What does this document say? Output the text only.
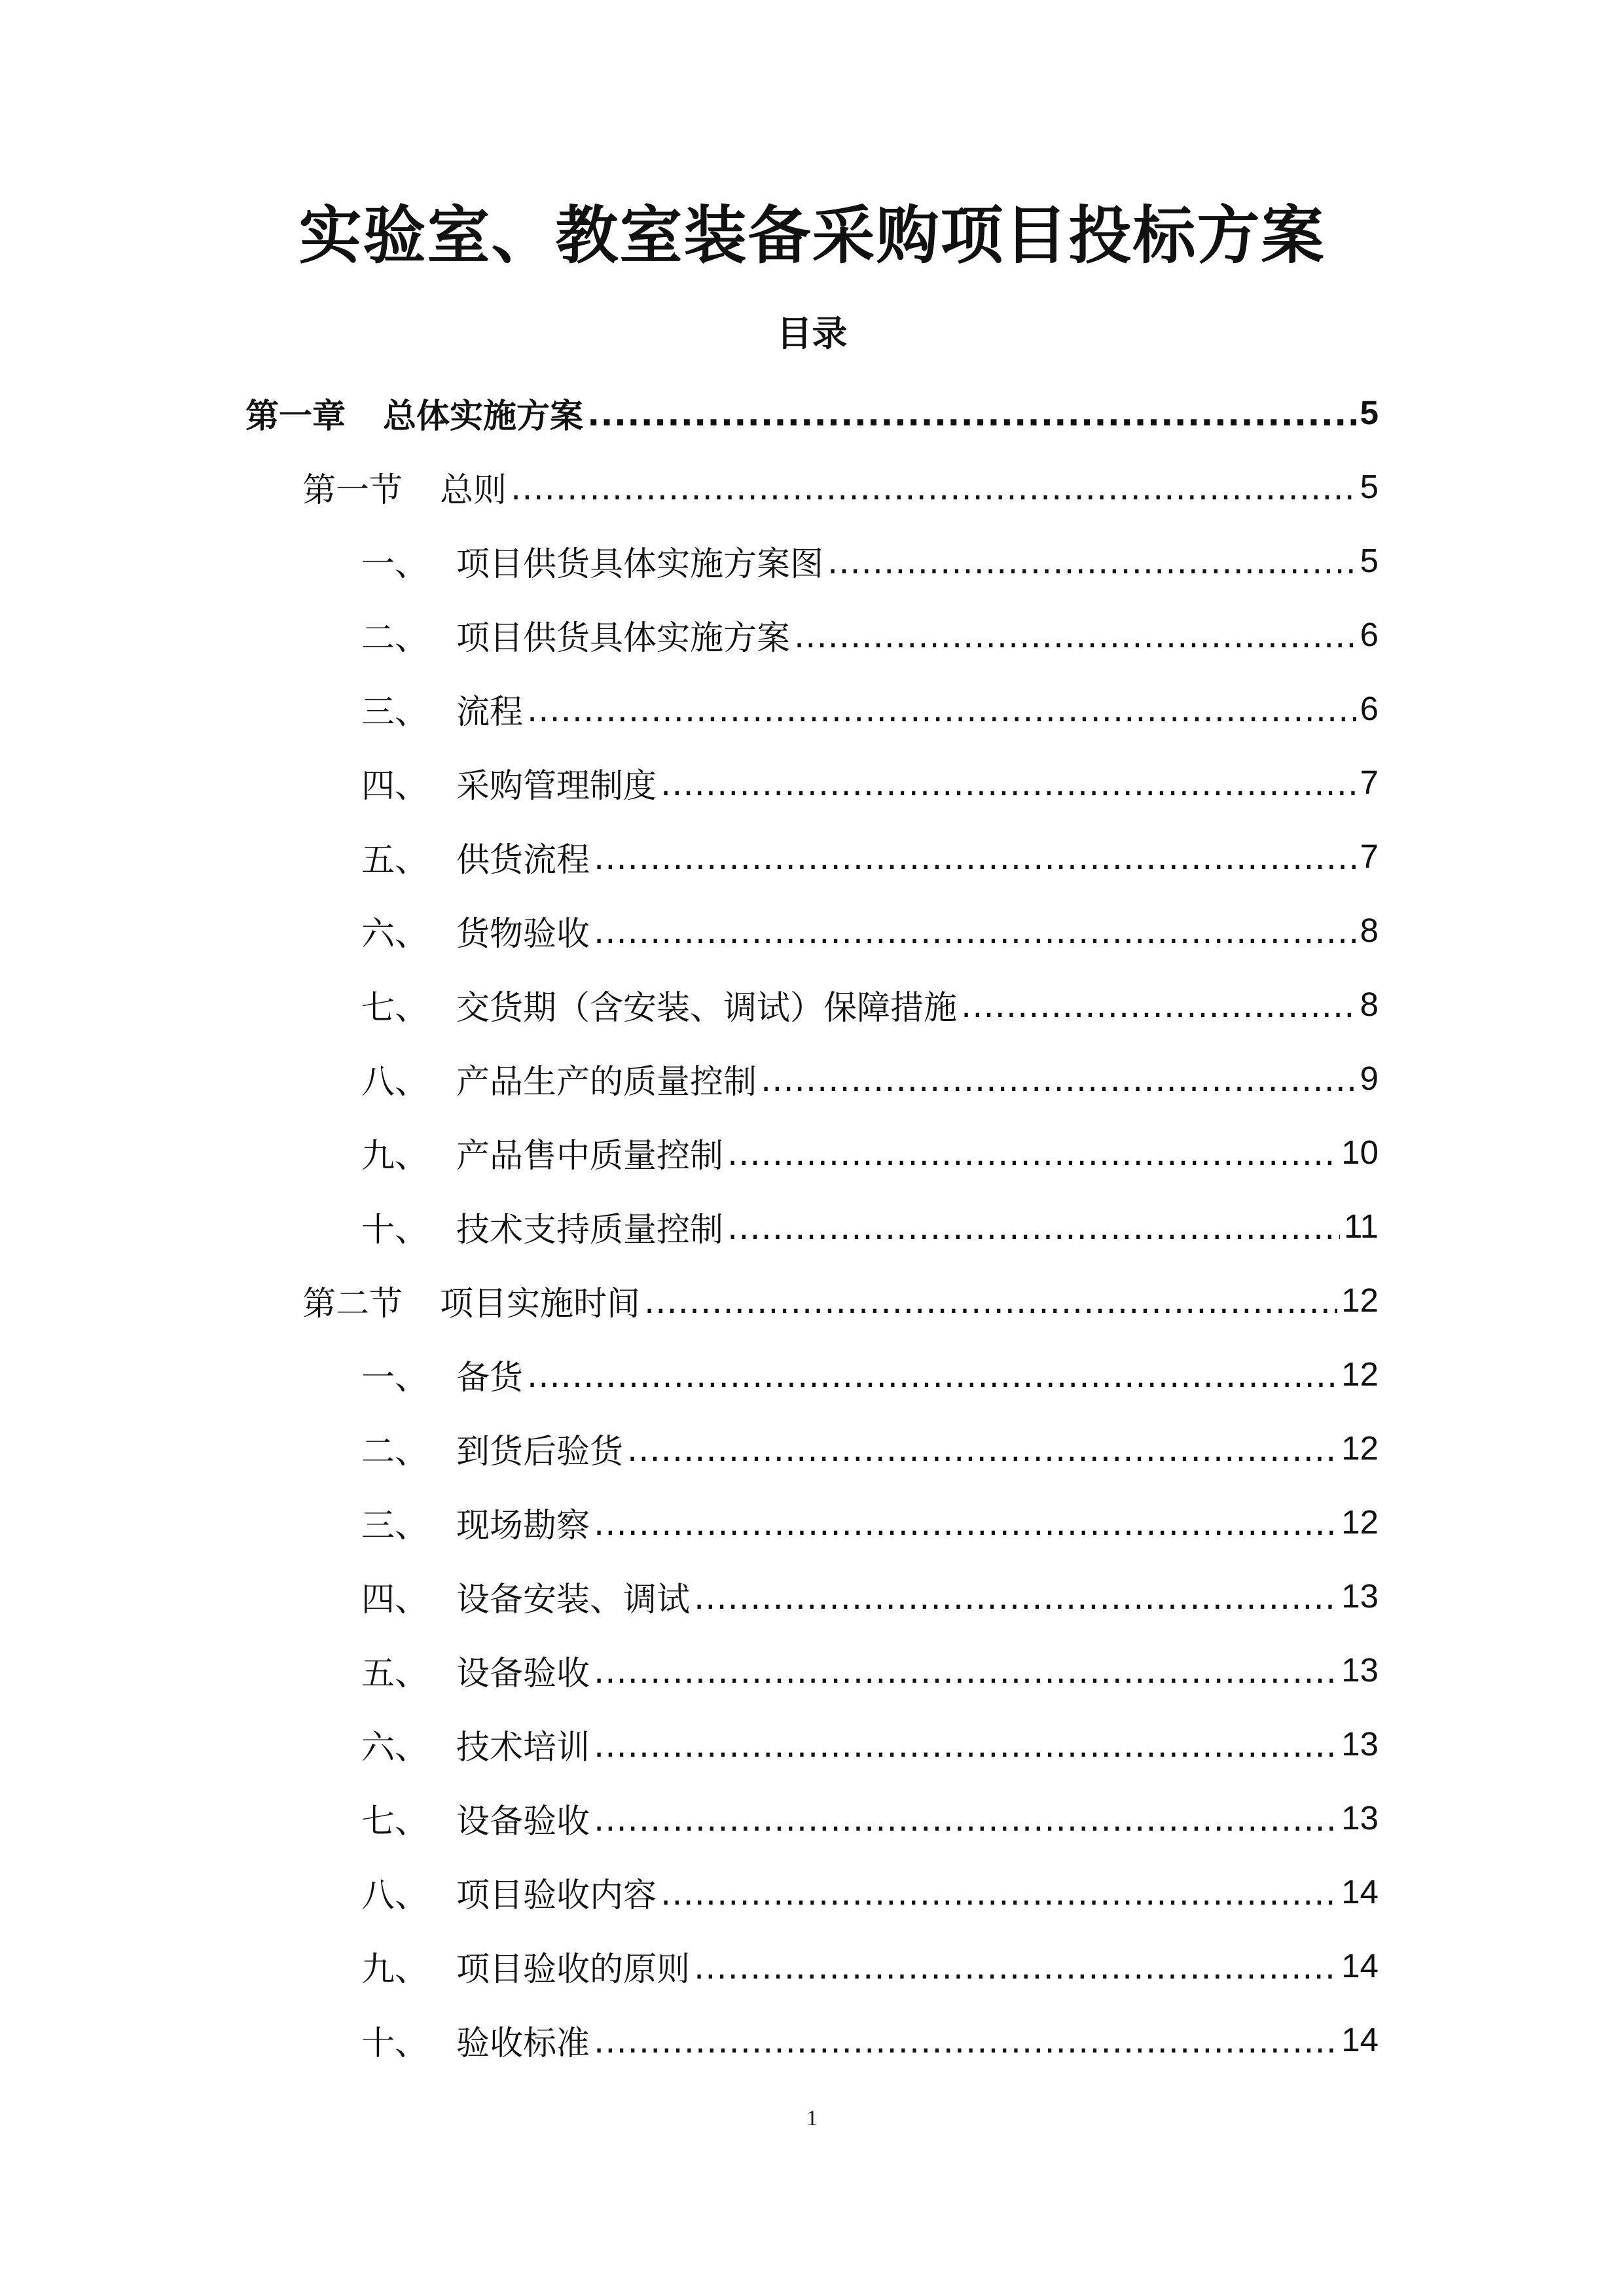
实验室、教室装备采购项目投标方案
目录
第一章	总体实施方案 .....	5
第一节	总则 .....	5
一、 项目供货具体实施方案图 .....	5
二、 项目供货具体实施方案 .....	6
三、 流程 .....	6
四、 采购管理制度 .....	7
五、 供货流程 .....	7
六、 货物验收 .....	8
七、 交货期（含安装、调试）保障措施 .....	8
八、 产品生产的质量控制 .....	9
九、 产品售中质量控制 .....	10
十、 技术支持质量控制 .....	11
第二节	项目实施时间 .....	12
一、 备货 .....	12
二、 到货后验货 .....	12
三、 现场勘察 .....	12
四、 设备安装、调试 .....	13
五、 设备验收 .....	13
六、 技术培训 .....	13
七、 设备验收 .....	13
八、 项目验收内容 .....	14
九、 项目验收的原则 .....	14
十、 验收标准 .....	14
1
